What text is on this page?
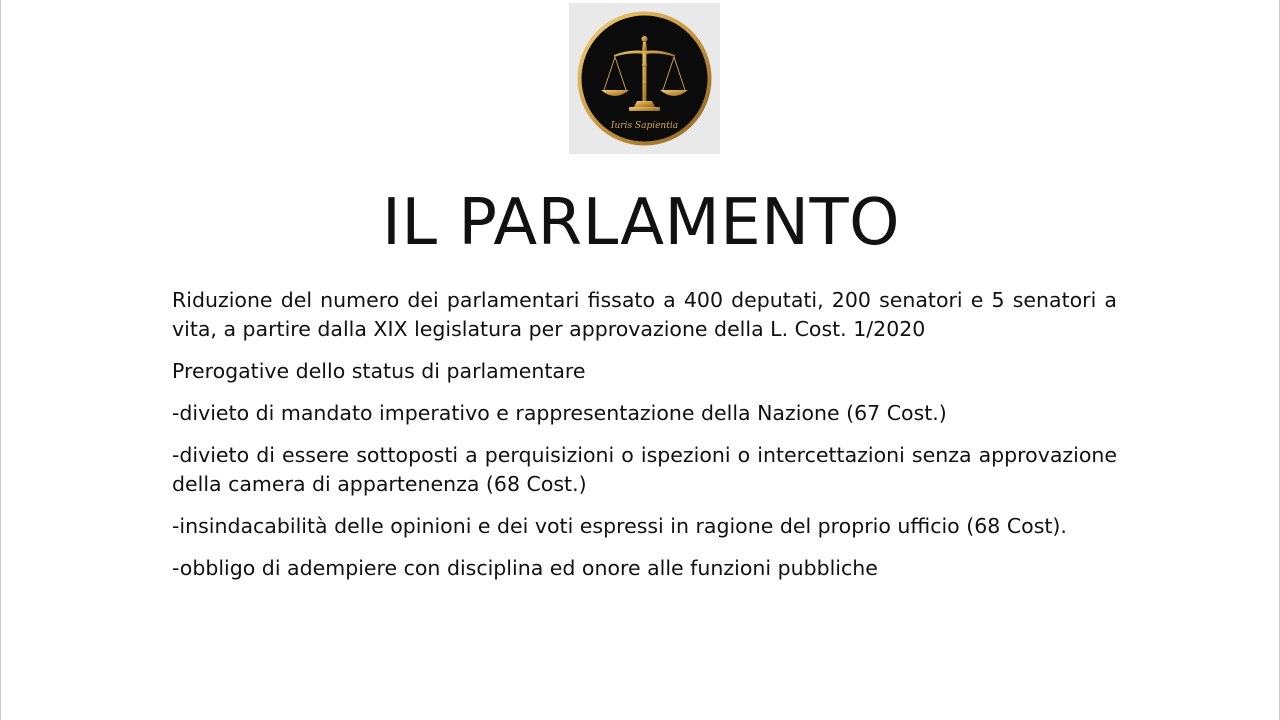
Iuris Sapientia
IL PARLAMENTO

Riduzione del numero dei parlamentari fissato a 400 deputati, 200 senatori e 5 senatori a vita, a partire dalla XIX legislatura per approvazione della L. Cost. 1/2020

Prerogative dello status di parlamentare

-divieto di mandato imperativo e rappresentazione della Nazione (67 Cost.)

-divieto di essere sottoposti a perquisizioni o ispezioni o intercettazioni senza approvazione della camera di appartenenza (68 Cost.)

-insindacabilità delle opinioni e dei voti espressi in ragione del proprio ufficio (68 Cost).

-obbligo di adempiere con disciplina ed onore alle funzioni pubbliche
